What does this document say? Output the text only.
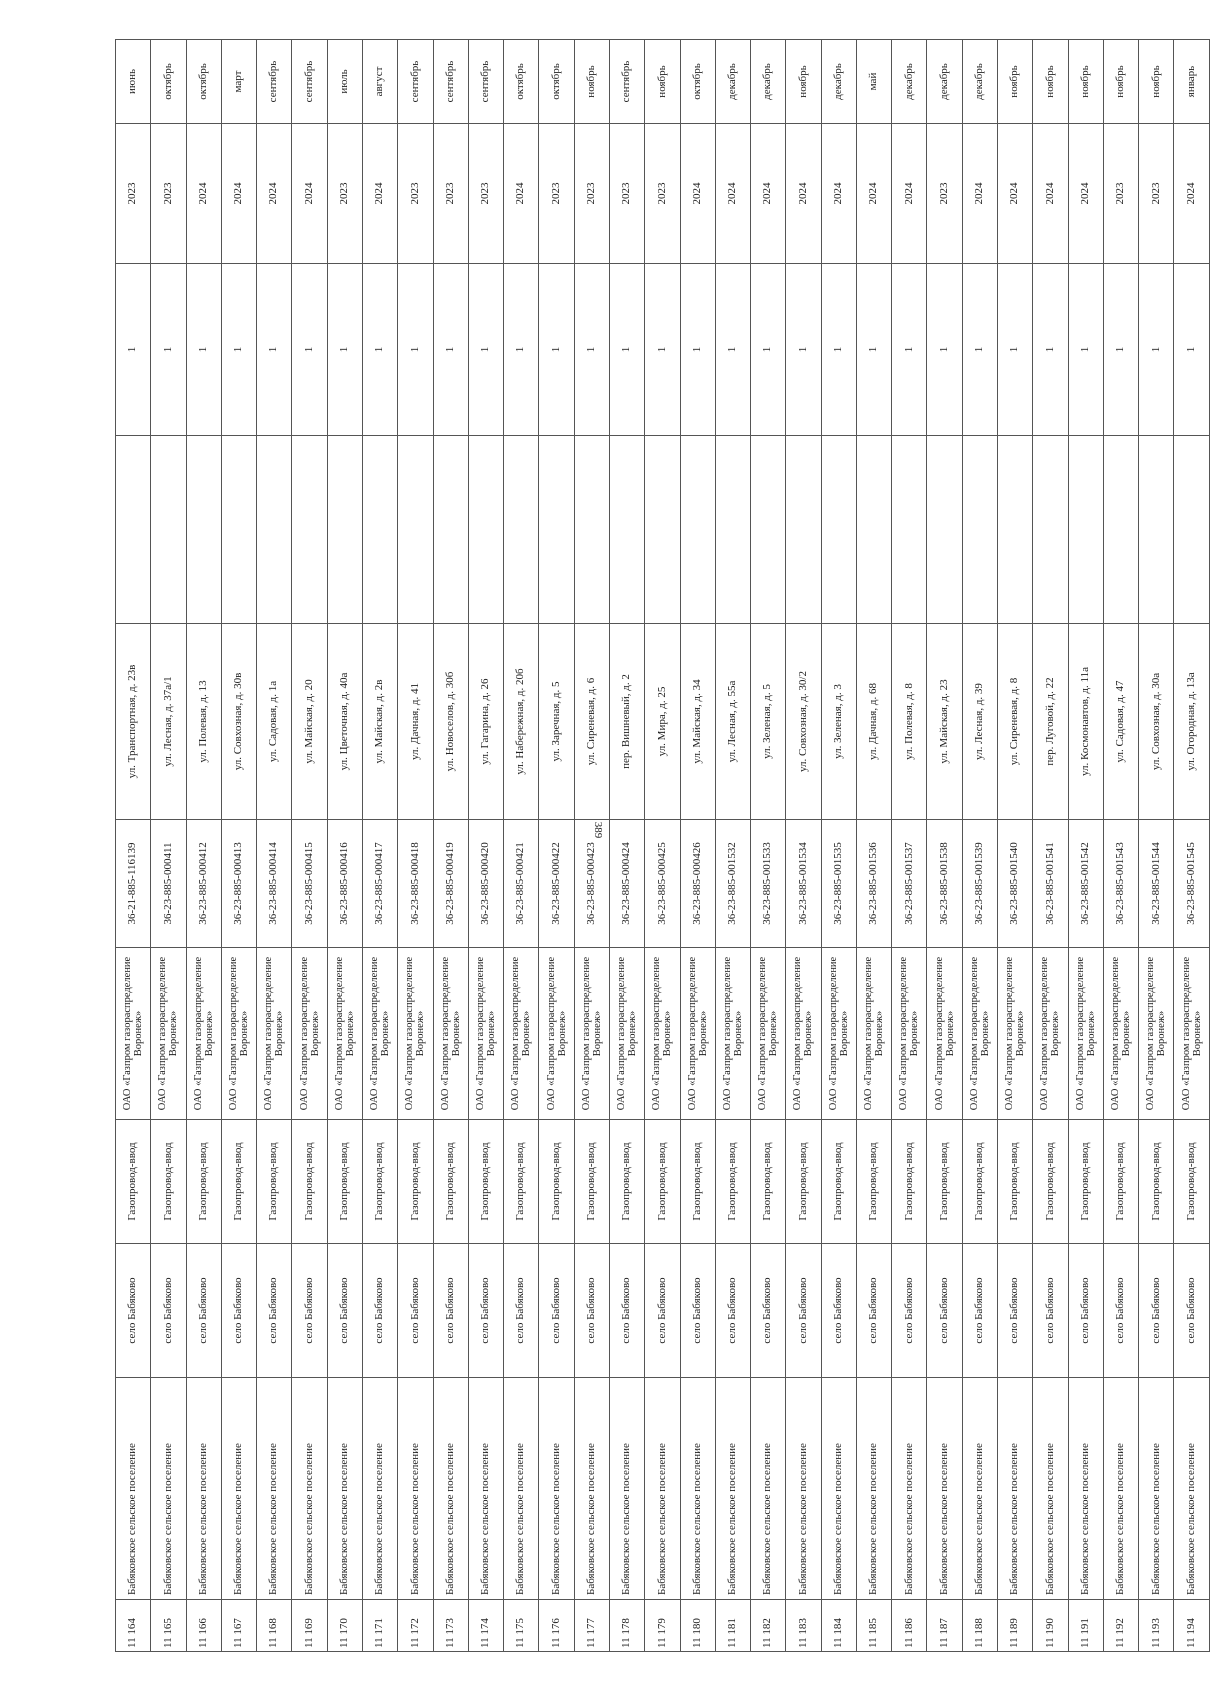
389
11 164	Бабяковское сельское поселение	село Бабяково	Газопровод-ввод	ОАО «Газпром газораспределение Воронеж»	36-21-885-116139	ул. Транспортная, д. 23в		1	2023	июнь
11 165	Бабяковское сельское поселение	село Бабяково	Газопровод-ввод	ОАО «Газпром газораспределение Воронеж»	36-23-885-000411	ул. Лесная, д. 37а/1		1	2023	октябрь
11 166	Бабяковское сельское поселение	село Бабяково	Газопровод-ввод	ОАО «Газпром газораспределение Воронеж»	36-23-885-000412	ул. Полевая, д. 13		1	2024	октябрь
11 167	Бабяковское сельское поселение	село Бабяково	Газопровод-ввод	ОАО «Газпром газораспределение Воронеж»	36-23-885-000413	ул. Совхозная, д. 30в		1	2024	март
11 168	Бабяковское сельское поселение	село Бабяково	Газопровод-ввод	ОАО «Газпром газораспределение Воронеж»	36-23-885-000414	ул. Садовая, д. 1а		1	2024	сентябрь
11 169	Бабяковское сельское поселение	село Бабяково	Газопровод-ввод	ОАО «Газпром газораспределение Воронеж»	36-23-885-000415	ул. Майская, д. 20		1	2024	сентябрь
11 170	Бабяковское сельское поселение	село Бабяково	Газопровод-ввод	ОАО «Газпром газораспределение Воронеж»	36-23-885-000416	ул. Цветочная, д. 40а		1	2023	июль
11 171	Бабяковское сельское поселение	село Бабяково	Газопровод-ввод	ОАО «Газпром газораспределение Воронеж»	36-23-885-000417	ул. Майская, д. 2в		1	2024	август
11 172	Бабяковское сельское поселение	село Бабяково	Газопровод-ввод	ОАО «Газпром газораспределение Воронеж»	36-23-885-000418	ул. Дачная, д. 41		1	2023	сентябрь
11 173	Бабяковское сельское поселение	село Бабяково	Газопровод-ввод	ОАО «Газпром газораспределение Воронеж»	36-23-885-000419	ул. Новоселов, д. 30б		1	2023	сентябрь
11 174	Бабяковское сельское поселение	село Бабяково	Газопровод-ввод	ОАО «Газпром газораспределение Воронеж»	36-23-885-000420	ул. Гагарина, д. 26		1	2023	сентябрь
11 175	Бабяковское сельское поселение	село Бабяково	Газопровод-ввод	ОАО «Газпром газораспределение Воронеж»	36-23-885-000421	ул. Набережная, д. 20б		1	2024	октябрь
11 176	Бабяковское сельское поселение	село Бабяково	Газопровод-ввод	ОАО «Газпром газораспределение Воронеж»	36-23-885-000422	ул. Заречная, д. 5		1	2023	октябрь
11 177	Бабяковское сельское поселение	село Бабяково	Газопровод-ввод	ОАО «Газпром газораспределение Воронеж»	36-23-885-000423	ул. Сиреневая, д. 6		1	2023	ноябрь
11 178	Бабяковское сельское поселение	село Бабяково	Газопровод-ввод	ОАО «Газпром газораспределение Воронеж»	36-23-885-000424	пер. Вишневый, д. 2		1	2023	сентябрь
11 179	Бабяковское сельское поселение	село Бабяково	Газопровод-ввод	ОАО «Газпром газораспределение Воронеж»	36-23-885-000425	ул. Мира, д. 25		1	2023	ноябрь
11 180	Бабяковское сельское поселение	село Бабяково	Газопровод-ввод	ОАО «Газпром газораспределение Воронеж»	36-23-885-000426	ул. Майская, д. 34		1	2024	октябрь
11 181	Бабяковское сельское поселение	село Бабяково	Газопровод-ввод	ОАО «Газпром газораспределение Воронеж»	36-23-885-001532	ул. Лесная, д. 55а		1	2024	декабрь
11 182	Бабяковское сельское поселение	село Бабяково	Газопровод-ввод	ОАО «Газпром газораспределение Воронеж»	36-23-885-001533	ул. Зеленая, д. 5		1	2024	декабрь
11 183	Бабяковское сельское поселение	село Бабяково	Газопровод-ввод	ОАО «Газпром газораспределение Воронеж»	36-23-885-001534	ул. Совхозная, д. 30/2		1	2024	ноябрь
11 184	Бабяковское сельское поселение	село Бабяково	Газопровод-ввод	ОАО «Газпром газораспределение Воронеж»	36-23-885-001535	ул. Зеленая, д. 3		1	2024	декабрь
11 185	Бабяковское сельское поселение	село Бабяково	Газопровод-ввод	ОАО «Газпром газораспределение Воронеж»	36-23-885-001536	ул. Дачная, д. 68		1	2024	май
11 186	Бабяковское сельское поселение	село Бабяково	Газопровод-ввод	ОАО «Газпром газораспределение Воронеж»	36-23-885-001537	ул. Полевая, д. 8		1	2024	декабрь
11 187	Бабяковское сельское поселение	село Бабяково	Газопровод-ввод	ОАО «Газпром газораспределение Воронеж»	36-23-885-001538	ул. Майская, д. 23		1	2023	декабрь
11 188	Бабяковское сельское поселение	село Бабяково	Газопровод-ввод	ОАО «Газпром газораспределение Воронеж»	36-23-885-001539	ул. Лесная, д. 39		1	2024	декабрь
11 189	Бабяковское сельское поселение	село Бабяково	Газопровод-ввод	ОАО «Газпром газораспределение Воронеж»	36-23-885-001540	ул. Сиреневая, д. 8		1	2024	ноябрь
11 190	Бабяковское сельское поселение	село Бабяково	Газопровод-ввод	ОАО «Газпром газораспределение Воронеж»	36-23-885-001541	пер. Луговой, д. 22		1	2024	ноябрь
11 191	Бабяковское сельское поселение	село Бабяково	Газопровод-ввод	ОАО «Газпром газораспределение Воронеж»	36-23-885-001542	ул. Космонавтов, д. 11а		1	2024	ноябрь
11 192	Бабяковское сельское поселение	село Бабяково	Газопровод-ввод	ОАО «Газпром газораспределение Воронеж»	36-23-885-001543	ул. Садовая, д. 47		1	2023	ноябрь
11 193	Бабяковское сельское поселение	село Бабяково	Газопровод-ввод	ОАО «Газпром газораспределение Воронеж»	36-23-885-001544	ул. Совхозная, д. 30а		1	2023	ноябрь
11 194	Бабяковское сельское поселение	село Бабяково	Газопровод-ввод	ОАО «Газпром газораспределение Воронеж»	36-23-885-001545	ул. Огородная, д. 13а		1	2024	январь
